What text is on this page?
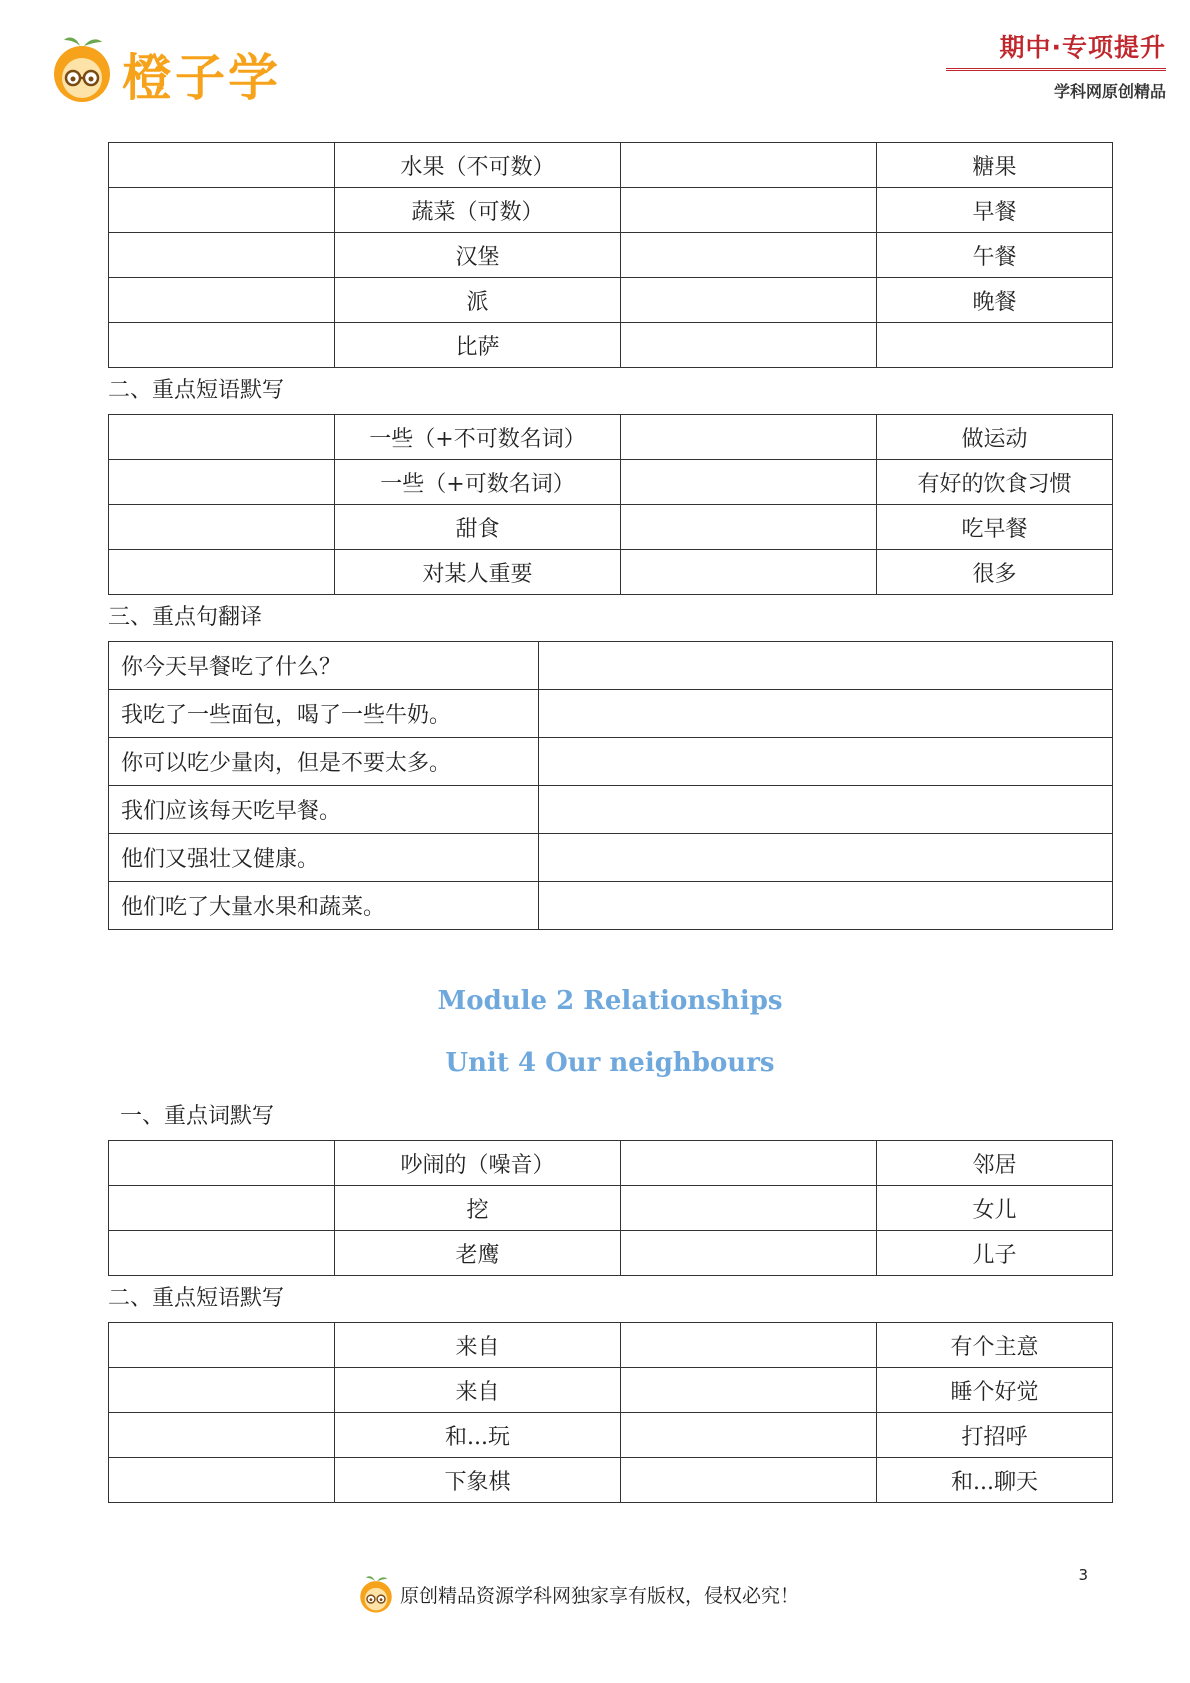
橙子学
期中·专项提升
学科网原创精品
	水果（不可数）		糖果
	蔬菜（可数）		早餐
	汉堡		午餐
	派		晚餐
	比萨		
二、重点短语默写
	一些（+不可数名词）		做运动
	一些（+可数名词）		有好的饮食习惯
	甜食		吃早餐
	对某人重要		很多
三、重点句翻译
你今天早餐吃了什么？	
我吃了一些面包，喝了一些牛奶。	
你可以吃少量肉，但是不要太多。	
我们应该每天吃早餐。	
他们又强壮又健康。	
他们吃了大量水果和蔬菜。	
Module 2 Relationships
Unit 4 Our neighbours
一、重点词默写
	吵闹的（噪音）		邻居
	挖		女儿
	老鹰		儿子
二、重点短语默写
	来自		有个主意
	来自		睡个好觉
	和...玩		打招呼
	下象棋		和...聊天
原创精品资源学科网独家享有版权，侵权必究！
3
